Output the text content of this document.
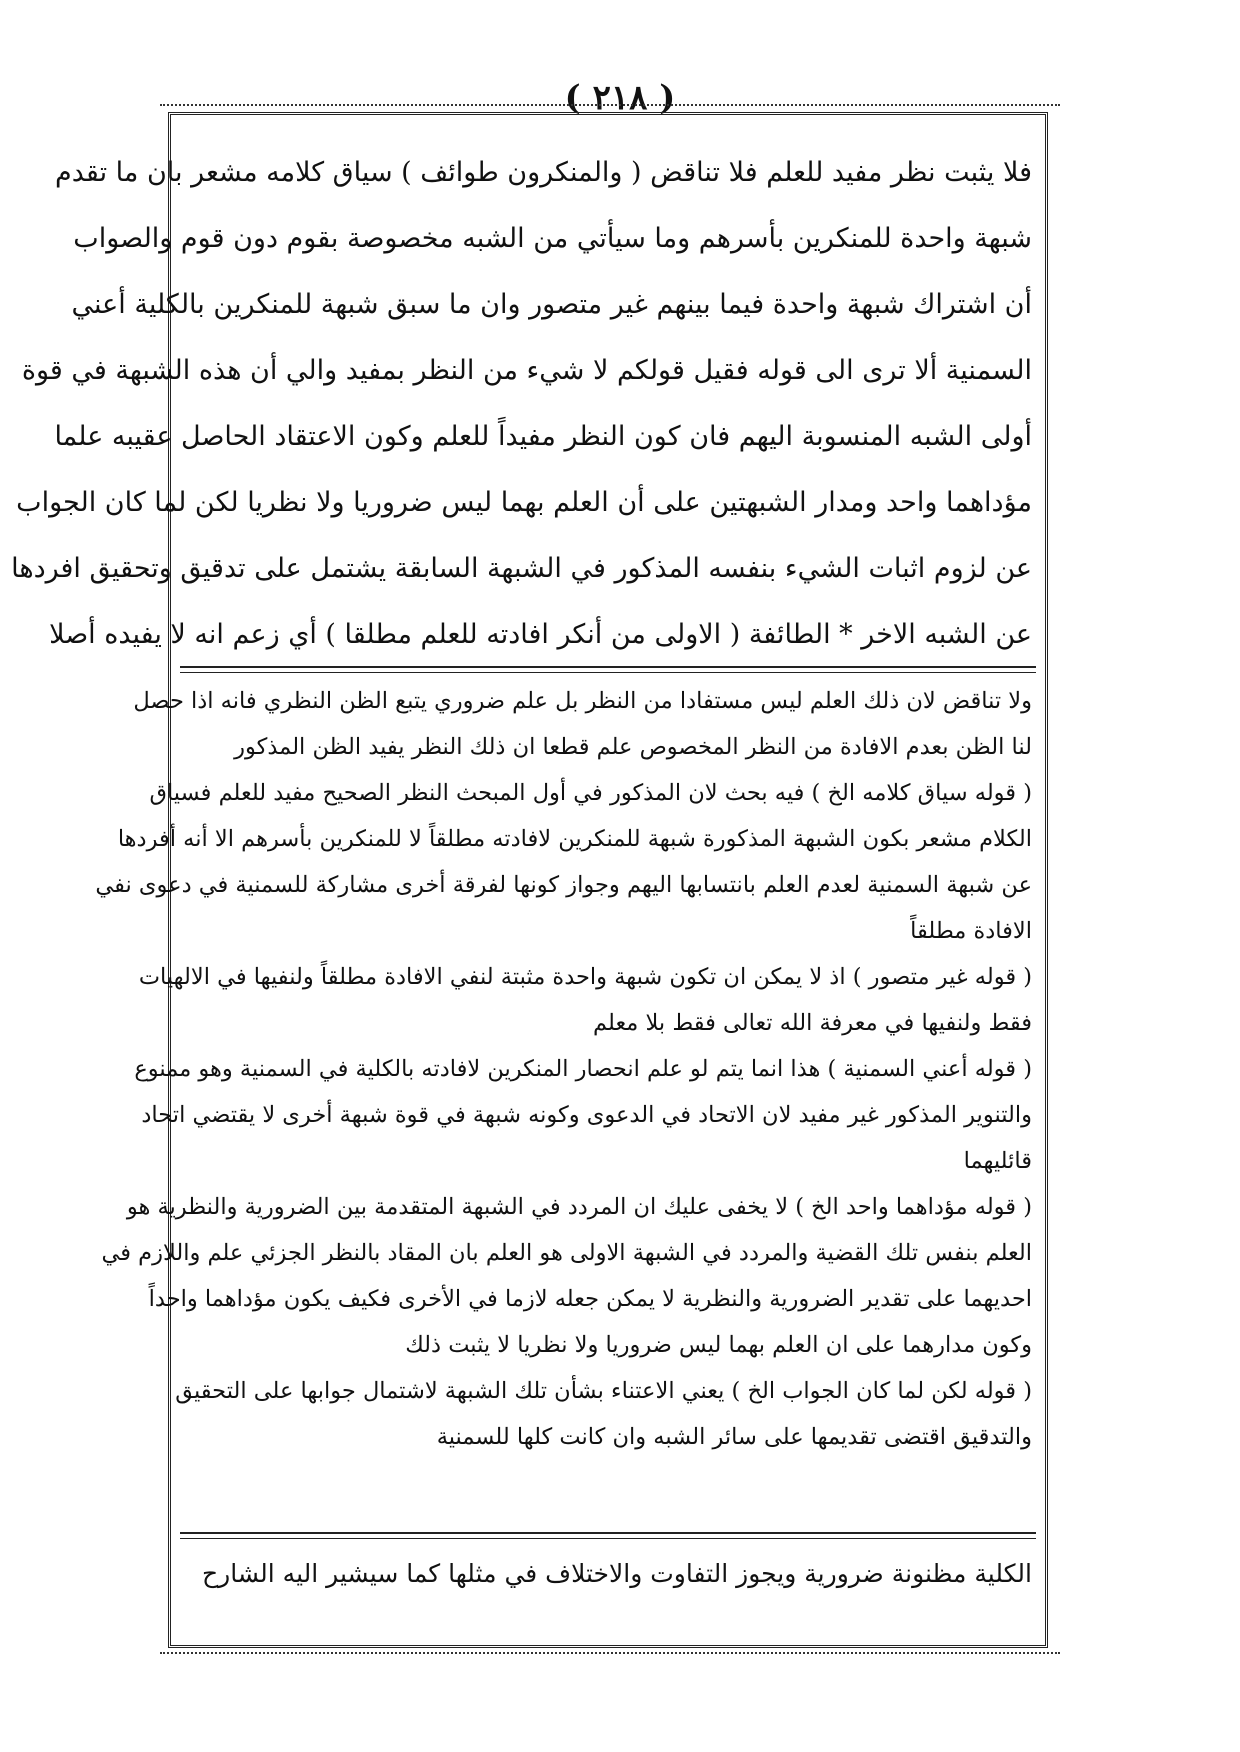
( ٢١٨ )
فلا يثبت نظر مفيد للعلم فلا تناقض ( والمنكرون طوائف ) سياق كلامه مشعر بان ما تقدم
شبهة واحدة للمنكرين بأسرهم وما سيأتي من الشبه مخصوصة بقوم دون قوم والصواب
أن اشتراك شبهة واحدة فيما بينهم غير متصور وان ما سبق شبهة للمنكرين بالكلية أعني
السمنية ألا ترى الى قوله فقيل قولكم لا شيء من النظر بمفيد والي أن هذه الشبهة في قوة
أولى الشبه المنسوبة اليهم فان كون النظر مفيداً للعلم وكون الاعتقاد الحاصل عقيبه علما
مؤداهما واحد ومدار الشبهتين على أن العلم بهما ليس ضروريا ولا نظريا لكن لما كان الجواب
عن لزوم اثبات الشيء بنفسه المذكور في الشبهة السابقة يشتمل على تدقيق وتحقيق افردها
عن الشبه الاخر * الطائفة ( الاولى من أنكر افادته للعلم مطلقا ) أي زعم انه لا يفيده أصلا
ولا تناقض لان ذلك العلم ليس مستفادا من النظر بل علم ضروري يتبع الظن النظري فانه اذا حصل
لنا الظن بعدم الافادة من النظر المخصوص علم قطعا ان ذلك النظر يفيد الظن المذكور
( قوله سياق كلامه الخ ) فيه بحث لان المذكور في أول المبحث النظر الصحيح مفيد للعلم فسياق
الكلام مشعر بكون الشبهة المذكورة شبهة للمنكرين لافادته مطلقاً لا للمنكرين بأسرهم الا أنه أفردها
عن شبهة السمنية لعدم العلم بانتسابها اليهم وجواز كونها لفرقة أخرى مشاركة للسمنية في دعوى نفي
الافادة مطلقاً
( قوله غير متصور ) اذ لا يمكن ان تكون شبهة واحدة مثبتة لنفي الافادة مطلقاً ولنفيها في الالهيات
فقط ولنفيها في معرفة الله تعالى فقط بلا معلم
( قوله أعني السمنية ) هذا انما يتم لو علم انحصار المنكرين لافادته بالكلية في السمنية وهو ممنوع
والتنوير المذكور غير مفيد لان الاتحاد في الدعوى وكونه شبهة في قوة شبهة أخرى لا يقتضي اتحاد
قائليهما
( قوله مؤداهما واحد الخ ) لا يخفى عليك ان المردد في الشبهة المتقدمة بين الضرورية والنظرية هو
العلم بنفس تلك القضية والمردد في الشبهة الاولى هو العلم بان المقاد بالنظر الجزئي علم واللازم في
احديهما على تقدير الضرورية والنظرية لا يمكن جعله لازما في الأخرى فكيف يكون مؤداهما واحداً
وكون مدارهما على ان العلم بهما ليس ضروريا ولا نظريا لا يثبت ذلك
( قوله لكن لما كان الجواب الخ ) يعني الاعتناء بشأن تلك الشبهة لاشتمال جوابها على التحقيق
والتدقيق اقتضى تقديمها على سائر الشبه وان كانت كلها للسمنية
الكلية مظنونة ضرورية ويجوز التفاوت والاختلاف في مثلها كما سيشير اليه الشارح
